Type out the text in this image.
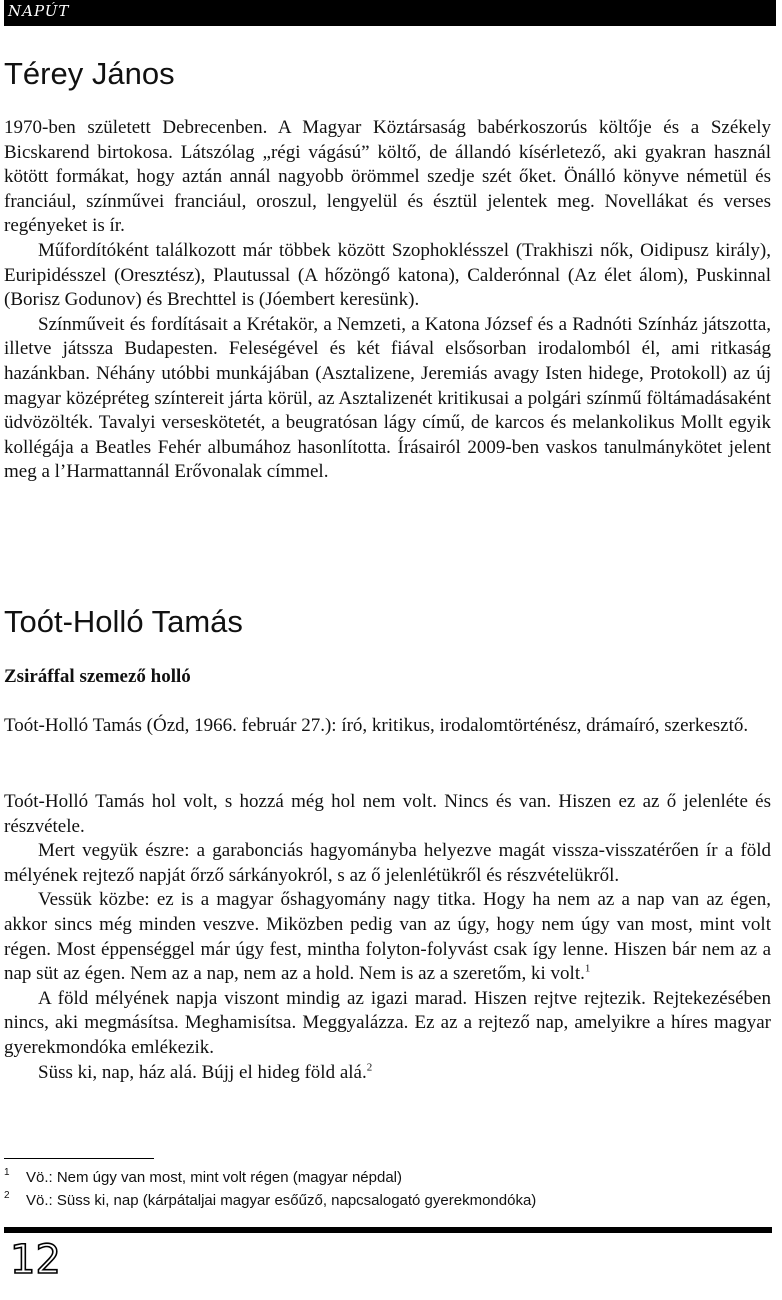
NAPÚT
Térey János

1970-ben született Debrecenben. A Magyar Köztársaság babérkoszorús költője és a Székely Bicskarend birtokosa. Látszólag „régi vágású” költő, de állandó kísérletező, aki gyakran használ kötött formákat, hogy aztán annál nagyobb örömmel szedje szét őket. Önálló könyve németül és franciául, színművei franciául, oroszul, lengyelül és észtül jelentek meg. Novellákat és verses regényeket is ír.

Műfordítóként találkozott már többek között Szophoklésszel (Trakhiszi nők, Oidipusz király), Euripidésszel (Oresztész), Plautussal (A hőzöngő katona), Calderónnal (Az élet álom), Puskinnal (Borisz Godunov) és Brechttel is (Jóembert keresünk).

Színműveit és fordításait a Krétakör, a Nemzeti, a Katona József és a Radnóti Színház játszotta, illetve játssza Budapesten. Feleségével és két fiával elsősorban irodalomból él, ami ritkaság hazánkban. Néhány utóbbi munkájában (Asztalizene, Jeremiás avagy Isten hidege, Protokoll) az új magyar középréteg színtereit járta körül, az Asztalizenét kritikusai a polgári színmű föltámadásaként üdvözölték. Tavalyi verseskötetét, a beugratósan lágy című, de karcos és melankolikus Mollt egyik kollégája a Beatles Fehér albumához hasonlította. Írásairól 2009-ben vaskos tanulmánykötet jelent meg a l’Harmattannál Erővonalak címmel.

Toót-Holló Tamás
Zsiráffal szemező holló

Toót-Holló Tamás (Ózd, 1966. február 27.): író, kritikus, irodalomtörténész, drámaíró, szerkesztő.

Toót-Holló Tamás hol volt, s hozzá még hol nem volt. Nincs és van. Hiszen ez az ő jelenléte és részvétele.

Mert vegyük észre: a garabonciás hagyományba helyezve magát vissza-visszatérően ír a föld mélyének rejtező napját őrző sárkányokról, s az ő jelenlétükről és részvételükről.

Vessük közbe: ez is a magyar őshagyomány nagy titka. Hogy ha nem az a nap van az égen, akkor sincs még minden veszve. Miközben pedig van az úgy, hogy nem úgy van most, mint volt régen. Most éppenséggel már úgy fest, mintha folyton-folyvást csak így lenne. Hiszen bár nem az a nap süt az égen. Nem az a nap, nem az a hold. Nem is az a szeretőm, ki volt.$^1$

A föld mélyének napja viszont mindig az igazi marad. Hiszen rejtve rejtezik. Rejtekezésében nincs, aki megmásítsa. Meghamisítsa. Meggyalázza. Ez az a rejtező nap, amelyikre a híres magyar gyerekmondóka emlékezik.

Süss ki, nap, ház alá. Bújj el hideg föld alá.$^2$

1	Vö.: Nem úgy van most, mint volt régen (magyar népdal)
2	Vö.: Süss ki, nap (kárpátaljai magyar esőűző, napcsalogató gyerekmondóka)
12
